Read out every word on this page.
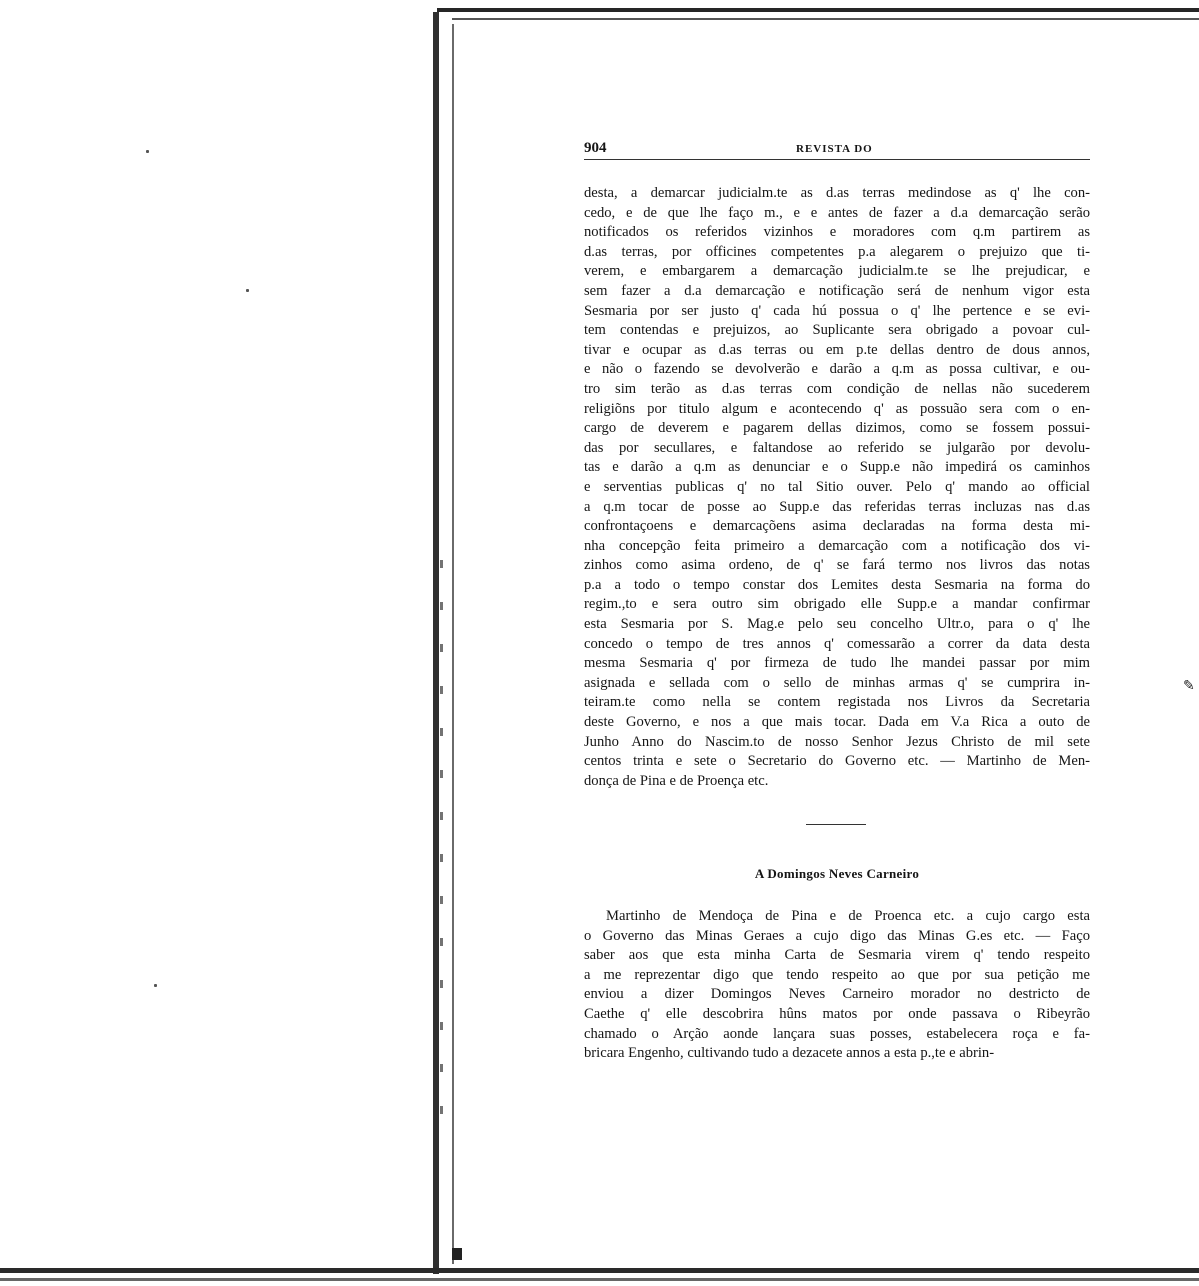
✎
904	REVISTA DO
desta, a demarcar judicialm.te as d.as terras medindose as q' lhe con-
cedo, e de que lhe faço m., e e antes de fazer a d.a demarcação serão
notificados os referidos vizinhos e moradores com q.m partirem as
d.as terras, por officines competentes p.a alegarem o prejuizo que ti-
verem, e embargarem a demarcação judicialm.te se lhe prejudicar, e
sem fazer a d.a demarcação e notificação será de nenhum vigor esta
Sesmaria por ser justo q' cada hú possua o q' lhe pertence e se evi-
tem contendas e prejuizos, ao Suplicante sera obrigado a povoar cul-
tivar e ocupar as d.as terras ou em p.te dellas dentro de dous annos,
e não o fazendo se devolverão e darão a q.m as possa cultivar, e ou-
tro sim terão as d.as terras com condição de nellas não sucederem
religiõns por titulo algum e acontecendo q' as possuão sera com o en-
cargo de deverem e pagarem dellas dizimos, como se fossem possui-
das por secullares, e faltandose ao referido se julgarão por devolu-
tas e darão a q.m as denunciar e o Supp.e não impedirá os caminhos
e serventias publicas q' no tal Sitio ouver. Pelo q' mando ao official
a q.m tocar de posse ao Supp.e das referidas terras incluzas nas d.as
confrontaçoens e demarcaçõens asima declaradas na forma desta mi-
nha concepção feita primeiro a demarcação com a notificação dos vi-
zinhos como asima ordeno, de q' se fará termo nos livros das notas
p.a a todo o tempo constar dos Lemites desta Sesmaria na forma do
regim.,to e sera outro sim obrigado elle Supp.e a mandar confirmar
esta Sesmaria por S. Mag.e pelo seu concelho Ultr.o, para o q' lhe
concedo o tempo de tres annos q' comessarão a correr da data desta
mesma Sesmaria q' por firmeza de tudo lhe mandei passar por mim
asignada e sellada com o sello de minhas armas q' se cumprira in-
teiram.te como nella se contem registada nos Livros da Secretaria
deste Governo, e nos a que mais tocar. Dada em V.a Rica a outo de
Junho Anno do Nascim.to de nosso Senhor Jezus Christo de mil sete
centos trinta e sete o Secretario do Governo etc. — Martinho de Men-
donça de Pina e de Proença etc.
A Domingos Neves Carneiro
Martinho de Mendoça de Pina e de Proenca etc. a cujo cargo esta
o Governo das Minas Geraes a cujo digo das Minas G.es etc. — Faço
saber aos que esta minha Carta de Sesmaria virem q' tendo respeito
a me reprezentar digo que tendo respeito ao que por sua petição me
enviou a dizer Domingos Neves Carneiro morador no destricto de
Caethe q' elle descobrira hûns matos por onde passava o Ribeyrão
chamado o Arção aonde lançara suas posses, estabelecera roça e fa-
bricara Engenho, cultivando tudo a dezacete annos a esta p.,te e abrin-
